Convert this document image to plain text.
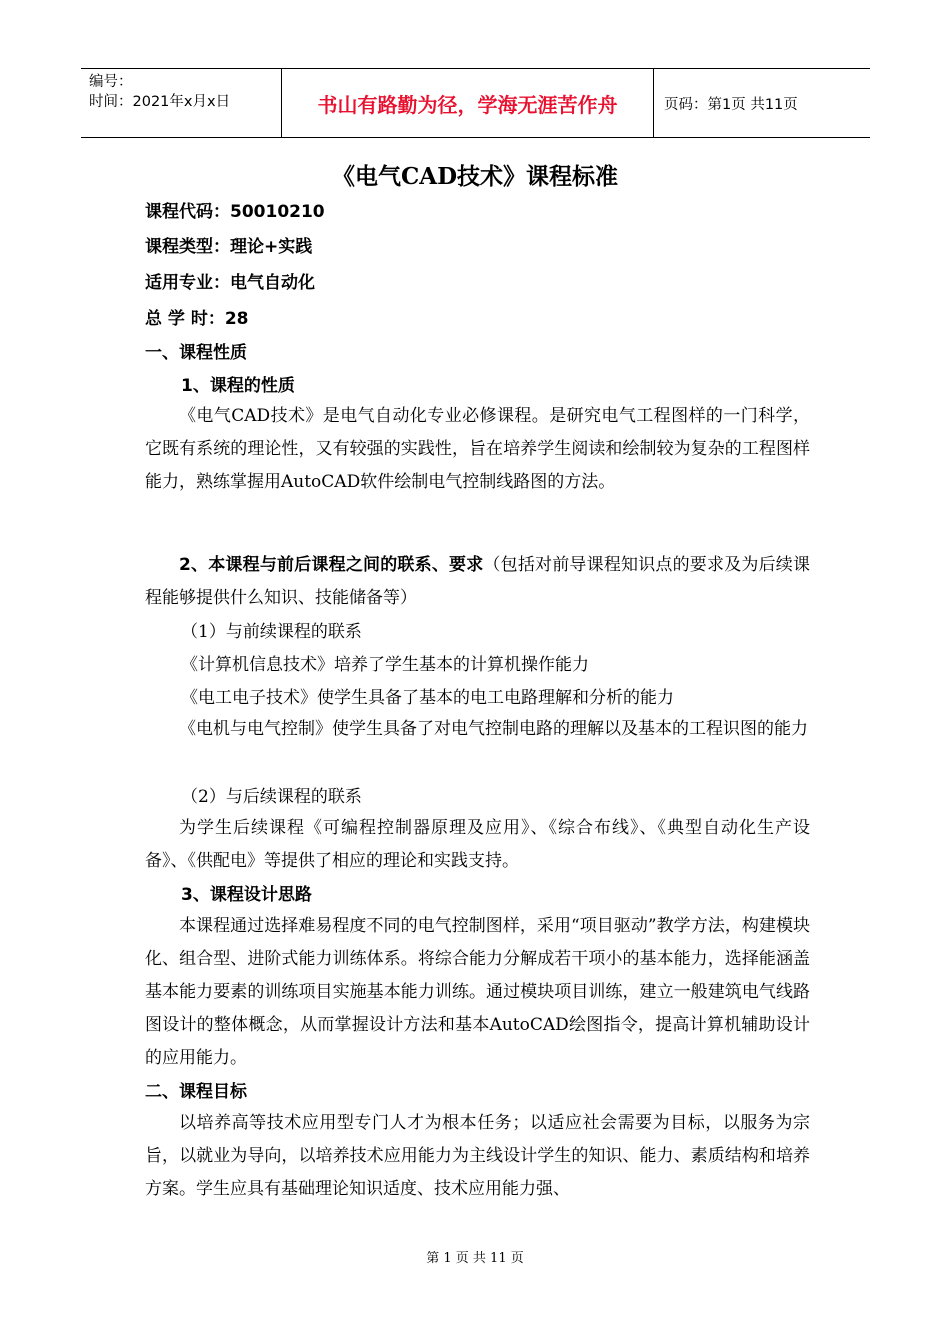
编号：
时间：2021年x月x日	书山有路勤为径，学海无涯苦作舟	页码：第1页 共11页
《电气CAD技术》课程标准
课程代码：50010210
课程类型：理论+实践
适用专业：电气自动化
总 学 时：28
一、课程性质
1、课程的性质
《电气CAD技术》是电气自动化专业必修课程。是研究电气工程图样的一门科学，它既有系统的理论性，又有较强的实践性，旨在培养学生阅读和绘制较为复杂的工程图样能力，熟练掌握用AutoCAD软件绘制电气控制线路图的方法。
2、本课程与前后课程之间的联系、要求（包括对前导课程知识点的要求及为后续课程能够提供什么知识、技能储备等）
（1）与前续课程的联系
《计算机信息技术》培养了学生基本的计算机操作能力
《电工电子技术》使学生具备了基本的电工电路理解和分析的能力
《电机与电气控制》使学生具备了对电气控制电路的理解以及基本的工程识图的能力
（2）与后续课程的联系
为学生后续课程《可编程控制器原理及应用》、《综合布线》、《典型自动化生产设备》、《供配电》等提供了相应的理论和实践支持。
3、课程设计思路
本课程通过选择难易程度不同的电气控制图样，采用“项目驱动”教学方法，构建模块化、组合型、进阶式能力训练体系。将综合能力分解成若干项小的基本能力，选择能涵盖基本能力要素的训练项目实施基本能力训练。通过模块项目训练，建立一般建筑电气线路图设计的整体概念，从而掌握设计方法和基本AutoCAD绘图指令，提高计算机辅助设计的应用能力。
二、课程目标
以培养高等技术应用型专门人才为根本任务；以适应社会需要为目标，以服务为宗旨，以就业为导向，以培养技术应用能力为主线设计学生的知识、能力、素质结构和培养方案。学生应具有基础理论知识适度、技术应用能力强、
第 1 页 共 11 页
